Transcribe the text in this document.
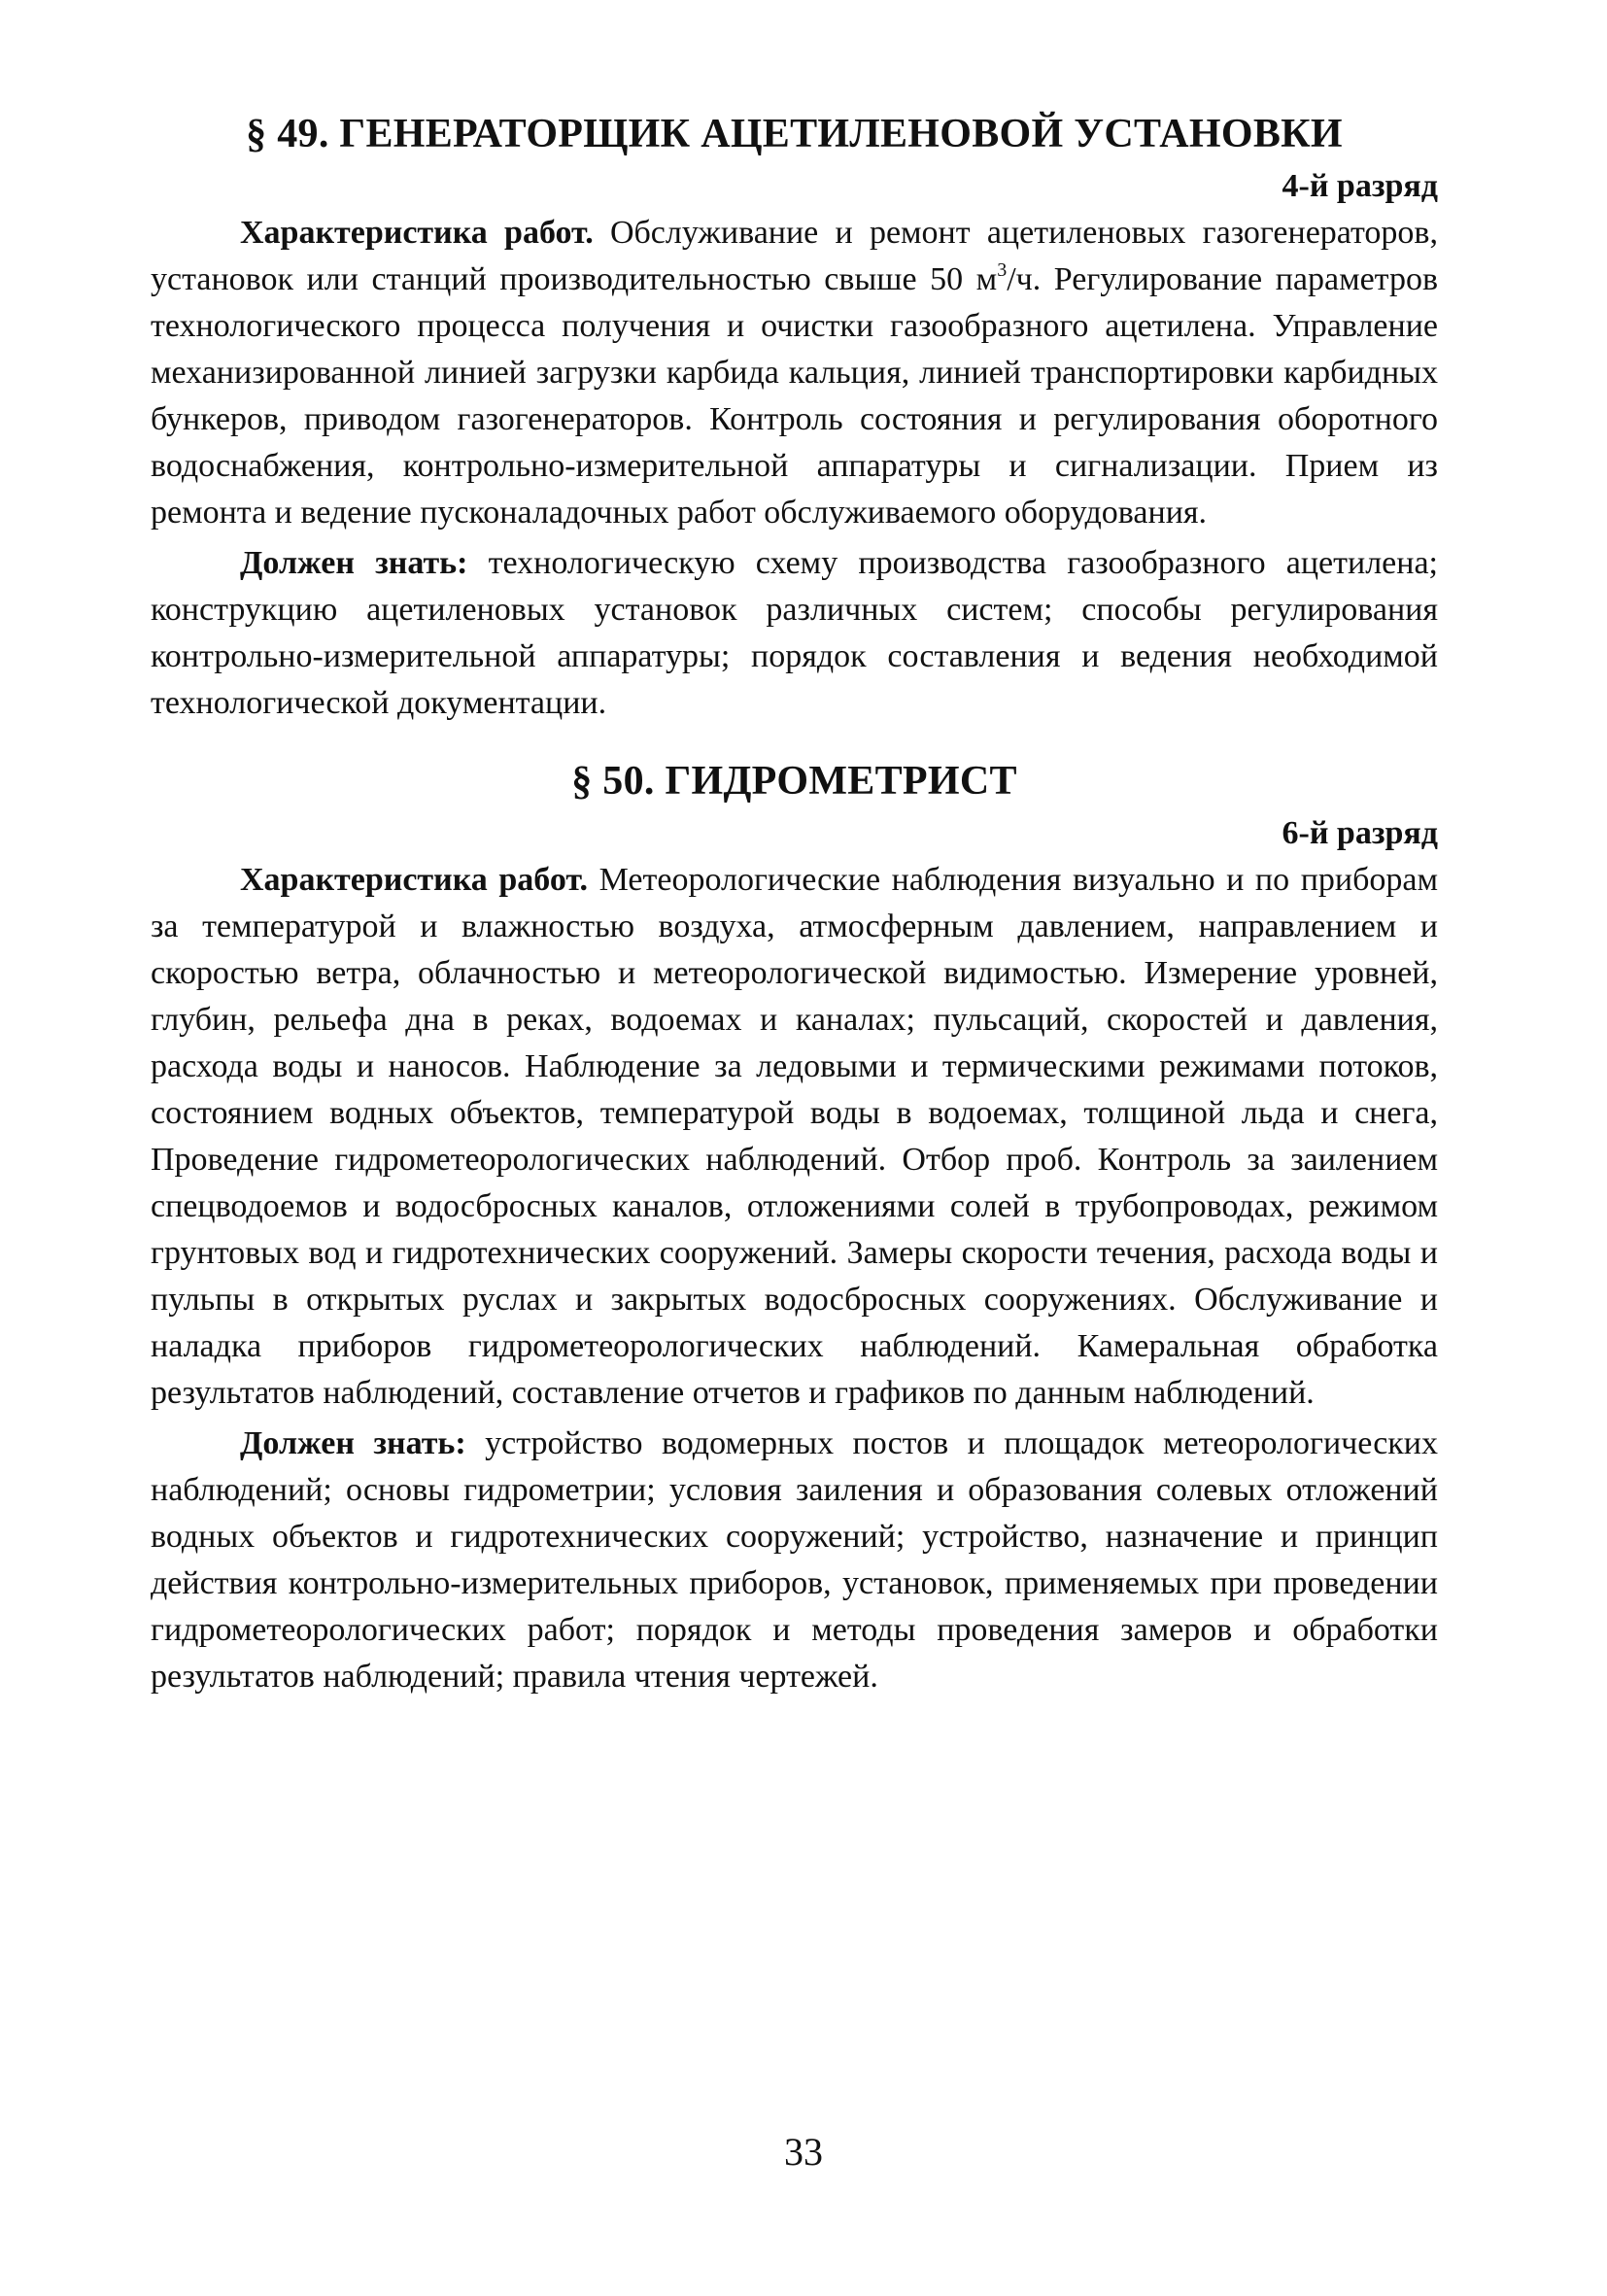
§ 49. ГЕНЕРАТОРЩИК АЦЕТИЛЕНОВОЙ УСТАНОВКИ
4-й разряд

Характеристика работ. Обслуживание и ремонт ацетиленовых газогенераторов, установок или станций производительностью свыше 50 $м^3/ч$. Регулирование параметров технологического процесса получения и очистки газообразного ацетилена. Управление механизированной линией загрузки карбида кальция, линией транспортировки карбидных бункеров, приводом газогенераторов. Контроль состояния и регулирования оборотного водоснабжения, контрольно-измерительной аппаратуры и сигнализации. Прием из ремонта и ведение пусконаладочных работ обслуживаемого оборудования.

Должен знать: технологическую схему производства газообразного ацетилена; конструкцию ацетиленовых установок различных систем; способы регулирования контрольно-измерительной аппаратуры; порядок составления и ведения необходимой технологической документации.

§ 50. ГИДРОМЕТРИСТ
6-й разряд

Характеристика работ. Метеорологические наблюдения визуально и по приборам за температурой и влажностью воздуха, атмосферным давлением, направлением и скоростью ветра, облачностью и метеорологической видимостью. Измерение уровней, глубин, рельефа дна в реках, водоемах и каналах; пульсаций, скоростей и давления, расхода воды и наносов. Наблюдение за ледовыми и термическими режимами потоков, состоянием водных объектов, температурой воды в водоемах, толщиной льда и снега, Проведение гидрометеорологических наблюдений. Отбор проб. Контроль за заилением спецводоемов и водосбросных каналов, отложениями солей в трубопроводах, режимом грунтовых вод и гидротехнических сооружений. Замеры скорости течения, расхода воды и пульпы в открытых руслах и закрытых водосбросных сооружениях. Обслуживание и наладка приборов гидрометеорологических наблюдений. Камеральная обработка результатов наблюдений, составление отчетов и графиков по данным наблюдений.

Должен знать: устройство водомерных постов и площадок метеорологических наблюдений; основы гидрометрии; условия заиления и образования солевых отложений водных объектов и гидротехнических сооружений; устройство, назначение и принцип действия контрольно-измерительных приборов, установок, применяемых при проведении гидрометеорологических работ; порядок и методы проведения замеров и обработки результатов наблюдений; правила чтения чертежей.

33
